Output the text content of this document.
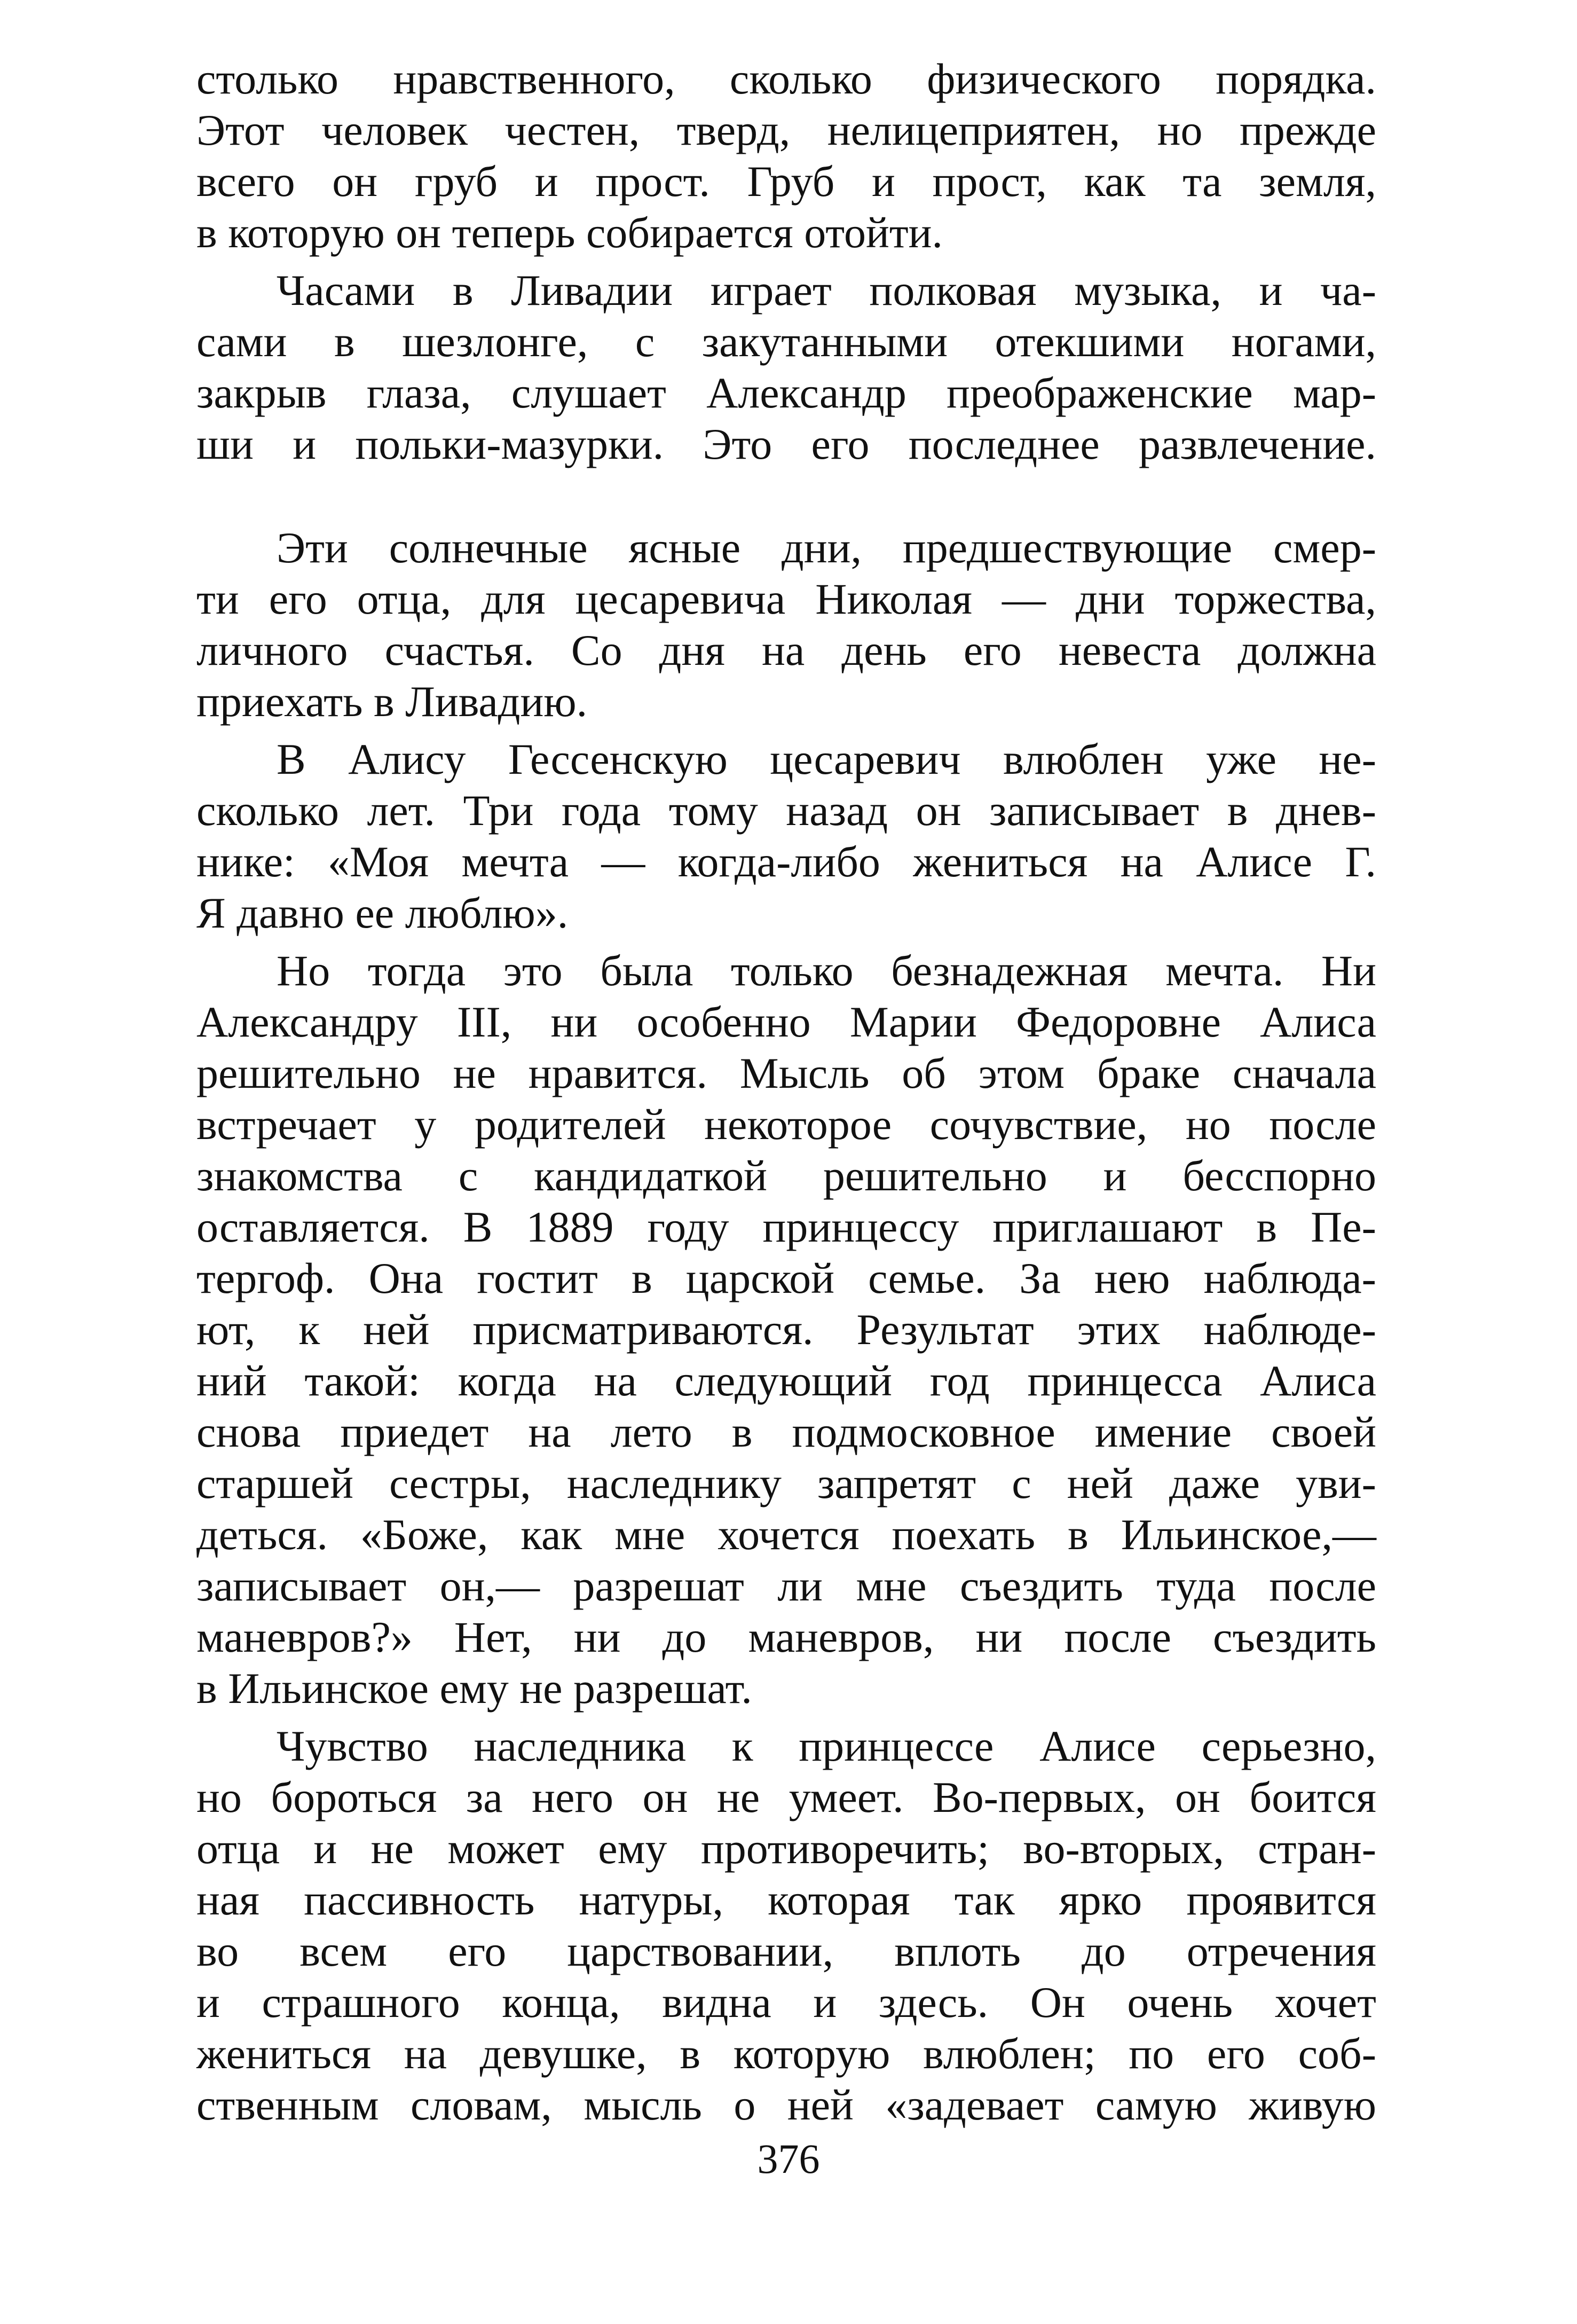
столько нравственного, сколько физического порядка.
Этот человек честен, тверд, нелицеприятен, но прежде
всего он груб и прост. Груб и прост, как та земля,
в которую он теперь собирается отойти.

Часами в Ливадии играет полковая музыка, и ча-
сами в шезлонге, с закутанными отекшими ногами,
закрыв глаза, слушает Александр преображенские мар-
ши и польки-мазурки. Это его последнее развлечение.

Эти солнечные ясные дни, предшествующие смер-
ти его отца, для цесаревича Николая — дни торжества,
личного счастья. Со дня на день его невеста должна
приехать в Ливадию.

В Алису Гессенскую цесаревич влюблен уже не-
сколько лет. Три года тому назад он записывает в днев-
нике: «Моя мечта — когда-либо жениться на Алисе Г.
Я давно ее люблю».

Но тогда это была только безнадежная мечта. Ни
Александру III, ни особенно Марии Федоровне Алиса
решительно не нравится. Мысль об этом браке сначала
встречает у родителей некоторое сочувствие, но после
знакомства с кандидаткой решительно и бесспорно
оставляется. В 1889 году принцессу приглашают в Пе-
тергоф. Она гостит в царской семье. За нею наблюда-
ют, к ней присматриваются. Результат этих наблюде-
ний такой: когда на следующий год принцесса Алиса
снова приедет на лето в подмосковное имение своей
старшей сестры, наследнику запретят с ней даже уви-
деться. «Боже, как мне хочется поехать в Ильинское,—
записывает он,— разрешат ли мне съездить туда после
маневров?» Нет, ни до маневров, ни после съездить
в Ильинское ему не разрешат.

Чувство наследника к принцессе Алисе серьезно,
но бороться за него он не умеет. Во-первых, он боится
отца и не может ему противоречить; во-вторых, стран-
ная пассивность натуры, которая так ярко проявится
во всем его царствовании, вплоть до отречения
и страшного конца, видна и здесь. Он очень хочет
жениться на девушке, в которую влюблен; по его соб-
ственным словам, мысль о ней «задевает самую живую

376
